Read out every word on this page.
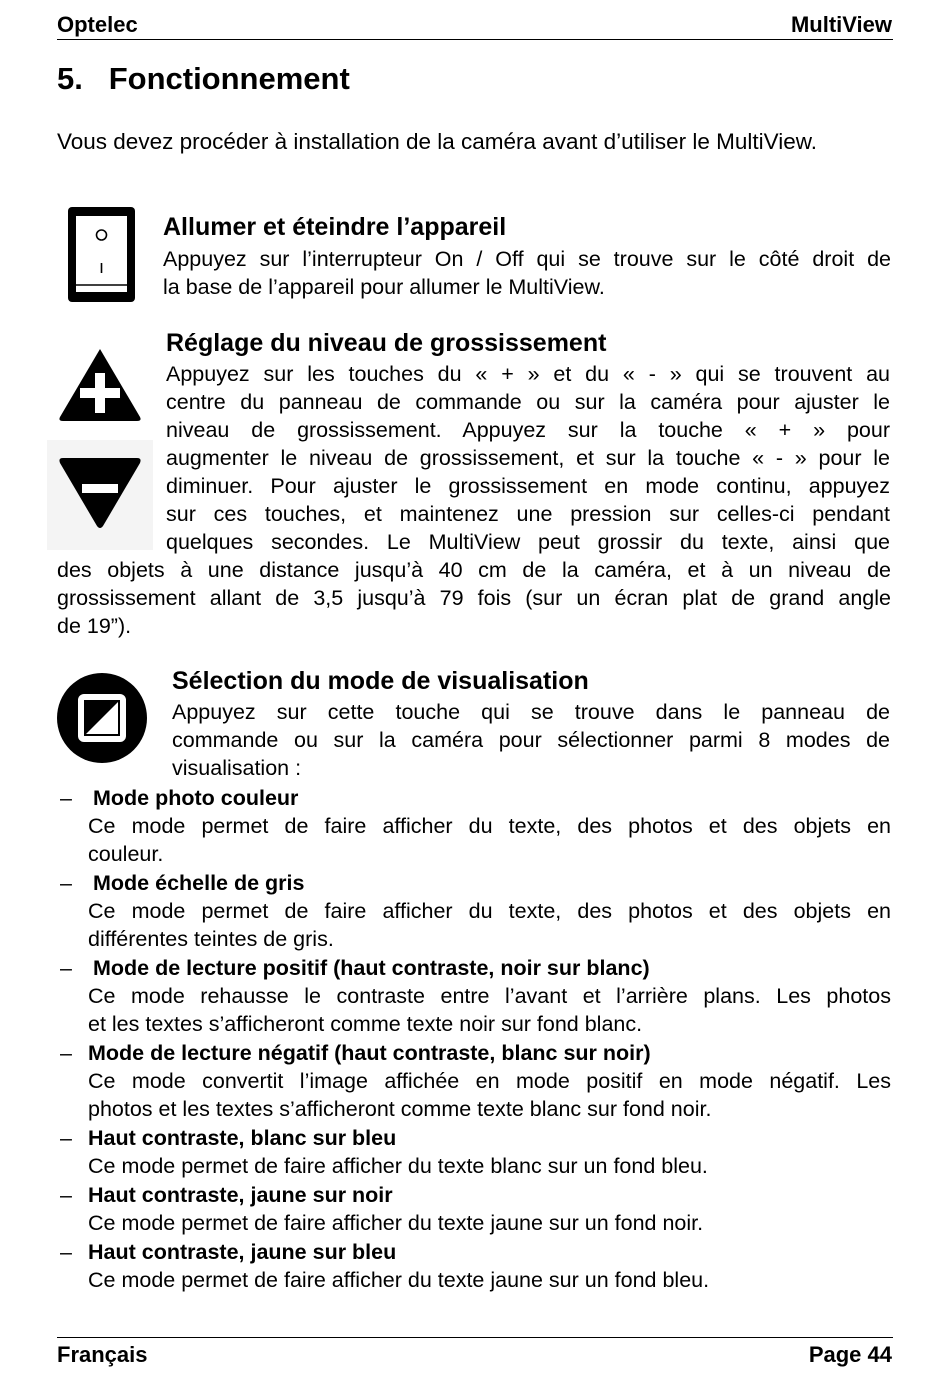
Optelec	MultiView
5.   Fonctionnement
Vous devez procéder à installation de la caméra avant d’utiliser le MultiView.
Allumer et éteindre l’appareil
Appuyez sur l’interrupteur On / Off qui se trouve sur le côté droit de
la base de l’appareil pour allumer le MultiView.
Réglage du niveau de grossissement
Appuyez sur les touches du « + » et du « - » qui se trouvent au
centre du panneau de commande ou sur la caméra pour ajuster le
niveau de grossissement. Appuyez sur la touche « + » pour
augmenter le niveau de grossissement, et sur la touche « - » pour le
diminuer. Pour ajuster le grossissement en mode continu, appuyez
sur ces touches, et maintenez une pression sur celles-ci pendant
quelques secondes. Le MultiView peut grossir du texte, ainsi que
des objets à une distance jusqu’à 40 cm de la caméra, et à un niveau de
grossissement allant de 3,5 jusqu’à 79 fois (sur un écran plat de grand angle
de 19”).
Sélection du mode de visualisation
Appuyez sur cette touche qui se trouve dans le panneau de
commande ou sur la caméra pour sélectionner parmi 8 modes de
visualisation :
– Mode photo couleur
Ce mode permet de faire afficher du texte, des photos et des objets en
couleur.
– Mode échelle de gris
Ce mode permet de faire afficher du texte, des photos et des objets en
différentes teintes de gris.
– Mode de lecture positif (haut contraste, noir sur blanc)
Ce mode rehausse le contraste entre l’avant et l’arrière plans. Les photos
et les textes s’afficheront comme texte noir sur fond blanc.
– Mode de lecture négatif (haut contraste, blanc sur noir)
Ce mode convertit l’image affichée en mode positif en mode négatif. Les
photos et les textes s’afficheront comme texte blanc sur fond noir.
– Haut contraste, blanc sur bleu
Ce mode permet de faire afficher du texte blanc sur un fond bleu.
– Haut contraste, jaune sur noir
Ce mode permet de faire afficher du texte jaune sur un fond noir.
– Haut contraste, jaune sur bleu
Ce mode permet de faire afficher du texte jaune sur un fond bleu.
Français	Page 44
